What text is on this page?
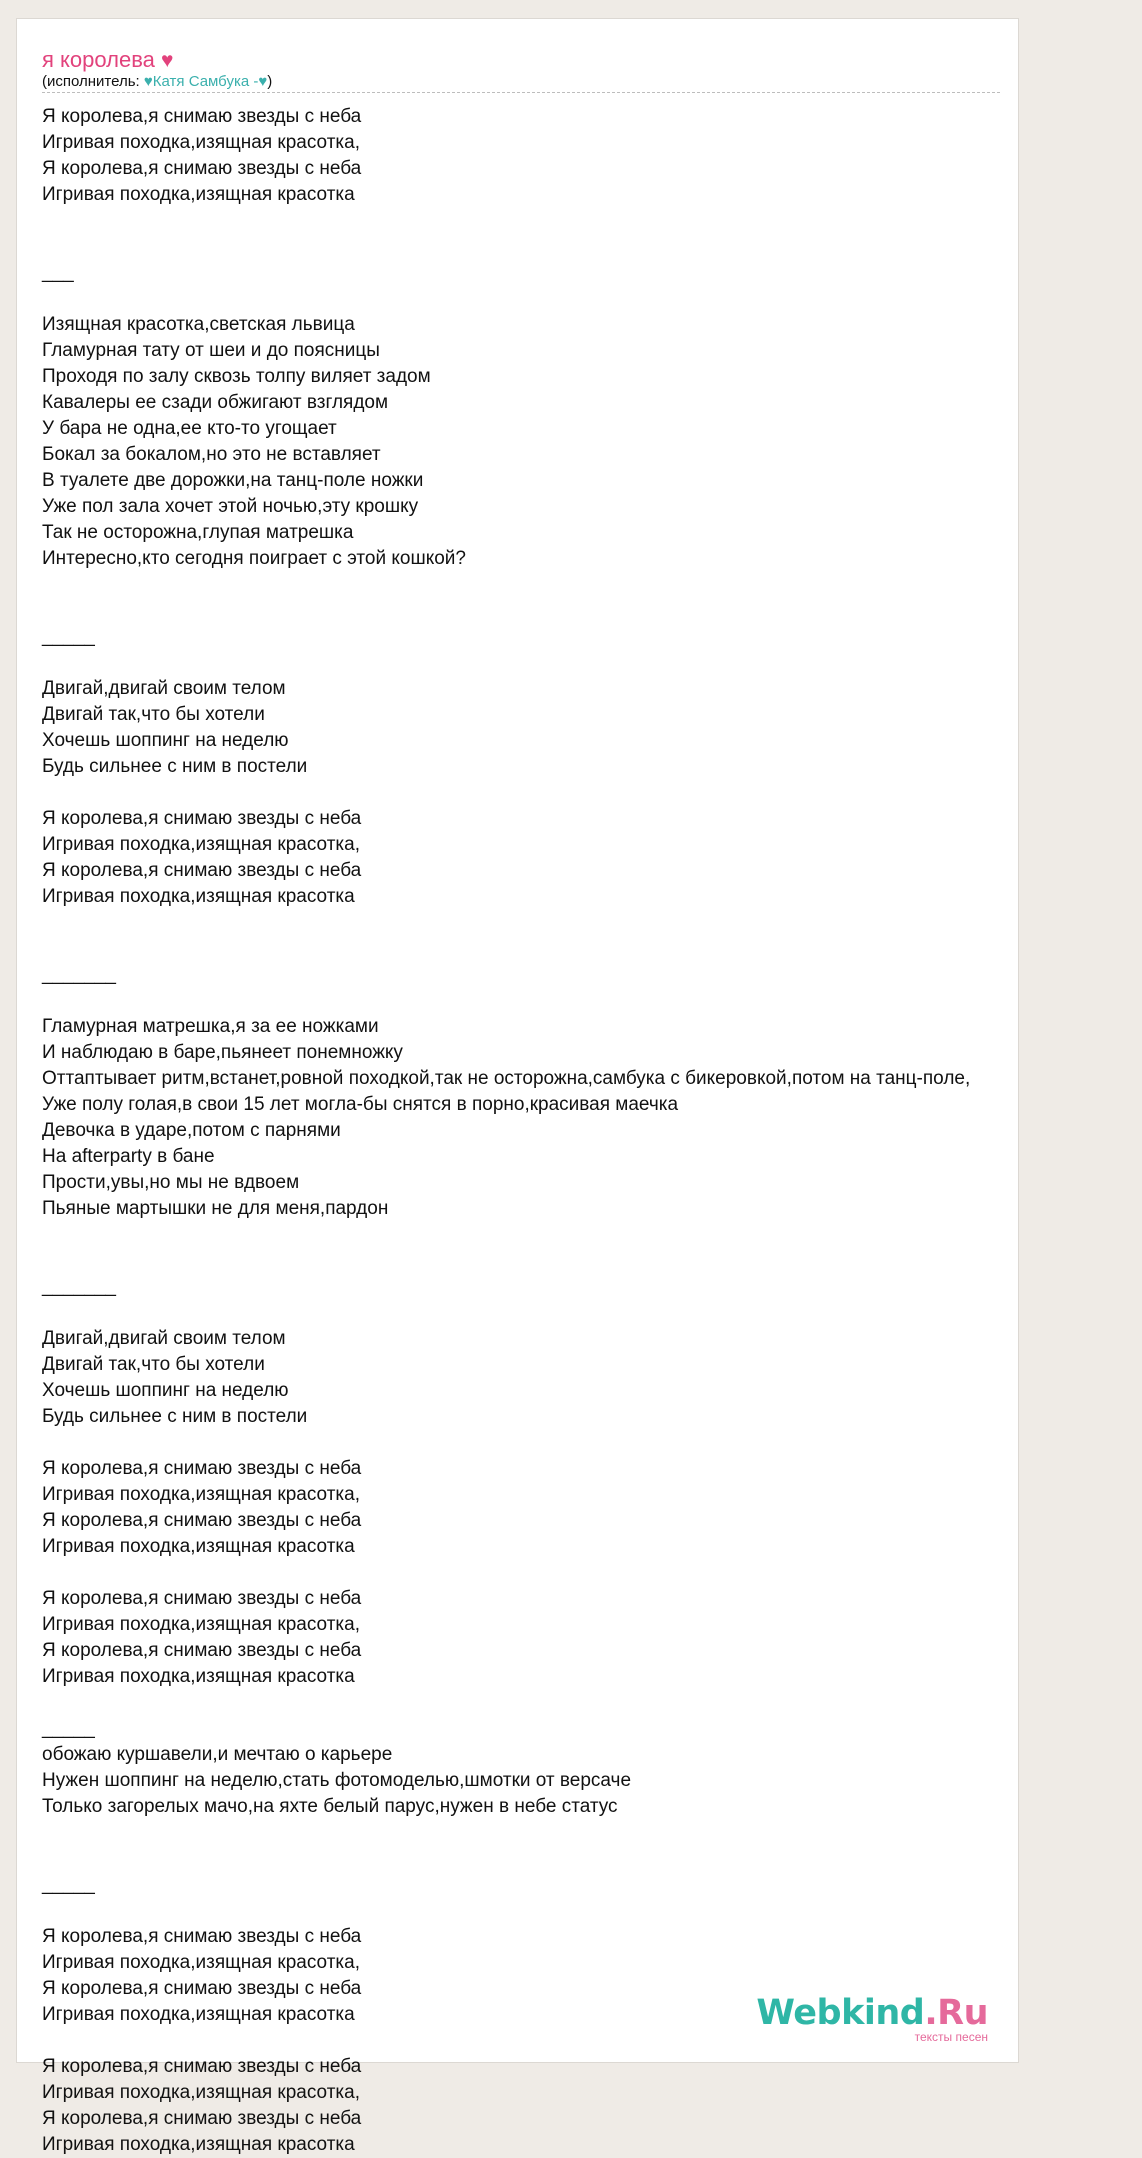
я королева ♥
(исполнитель: ♥Катя Самбука -♥)
Я королева,я снимаю звезды с неба
Игривая походка,изящная красотка,
Я королева,я снимаю звезды с неба
Игривая походка,изящная красотка
___
Изящная красотка,светская львица
Гламурная тату от шеи и до поясницы
Проходя по залу сквозь толпу виляет задом
Кавалеры ее сзади обжигают взглядом
У бара не одна,ее кто-то угощает
Бокал за бокалом,но это не вставляет
В туалете две дорожки,на танц-поле ножки
Уже пол зала хочет этой ночью,эту крошку
Так не осторожна,глупая матрешка
Интересно,кто сегодня поиграет с этой кошкой?
_____
Двигай,двигай своим телом
Двигай так,что бы хотели
Хочешь шоппинг на неделю
Будь сильнее с ним в постели
Я королева,я снимаю звезды с неба
Игривая походка,изящная красотка,
Я королева,я снимаю звезды с неба
Игривая походка,изящная красотка
_______
Гламурная матрешка,я за ее ножками
И наблюдаю в баре,пьянеет понемножку
Оттаптывает ритм,встанет,ровной походкой,так не осторожна,самбука с бикеровкой,потом на танц-поле,
Уже полу голая,в свои 15 лет могла-бы снятся в порно,красивая маечка
Девочка в ударе,потом с парнями
На afterparty в бане
Прости,увы,но мы не вдвоем
Пьяные мартышки не для меня,пардон
_______
Двигай,двигай своим телом
Двигай так,что бы хотели
Хочешь шоппинг на неделю
Будь сильнее с ним в постели
Я королева,я снимаю звезды с неба
Игривая походка,изящная красотка,
Я королева,я снимаю звезды с неба
Игривая походка,изящная красотка
Я королева,я снимаю звезды с неба
Игривая походка,изящная красотка,
Я королева,я снимаю звезды с неба
Игривая походка,изящная красотка
_____
обожаю куршавели,и мечтаю о карьере
Нужен шоппинг на неделю,стать фотомоделью,шмотки от версаче
Только загорелых мачо,на яхте белый парус,нужен в небе статус
_____
Я королева,я снимаю звезды с неба
Игривая походка,изящная красотка,
Я королева,я снимаю звезды с неба
Игривая походка,изящная красотка
Я королева,я снимаю звезды с неба
Игривая походка,изящная красотка,
Я королева,я снимаю звезды с неба
Игривая походка,изящная красотка
Webkind.Ru
тексты песен
